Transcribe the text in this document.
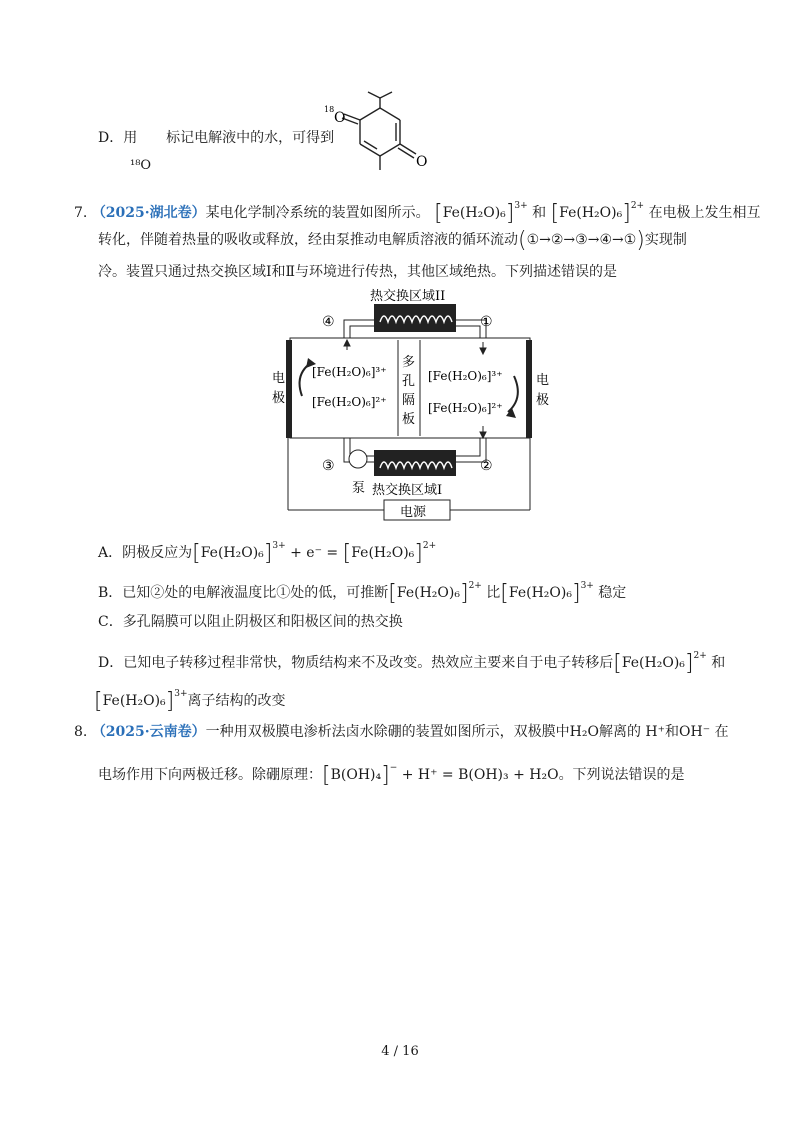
D．用 标记电解液中的水，可得到
¹⁸O
18
O
O
7. （2025·湖北卷）某电化学制冷系统的装置如图所示。 $[Fe(H_2O)_6]^{3+}$ 和 $[Fe(H_2O)_6]^{2+}$ 在电极上发生相互
转化，伴随着热量的吸收或释放，经由泵推动电解质溶液的循环流动(①→②→③→④→①)实现制
冷。装置只通过热交换区域Ⅰ和Ⅱ与环境进行传热，其他区域绝热。下列描述错误的是
热交换区域II
热交换区域I
泵
电源
④	①
③	②
电
极
电
极
多
孔
隔
板
[Fe(H₂O)₆]³⁺
[Fe(H₂O)₆]²⁺
[Fe(H₂O)₆]³⁺
[Fe(H₂O)₆]²⁺
A．阴极反应为$[Fe(H_2O)_6]^{3+} + e^- = [Fe(H_2O)_6]^{2+}$
B．已知②处的电解液温度比①处的低，可推断$[Fe(H_2O)_6]^{2+}$ 比$[Fe(H_2O)_6]^{3+}$ 稳定
C．多孔隔膜可以阻止阴极区和阳极区间的热交换
D．已知电子转移过程非常快，物质结构来不及改变。热效应主要来自于电子转移后$[Fe(H_2O)_6]^{2+}$ 和
$[Fe(H_2O)_6]^{3+}$离子结构的改变
8. （2025·云南卷）一种用双极膜电渗析法卤水除硼的装置如图所示，双极膜中H₂O解离的 H⁺和OH⁻ 在
电场作用下向两极迁移。除硼原理：[B(OH)₄]− + H⁺ = B(OH)₃ + H₂O。下列说法错误的是
4 / 16
